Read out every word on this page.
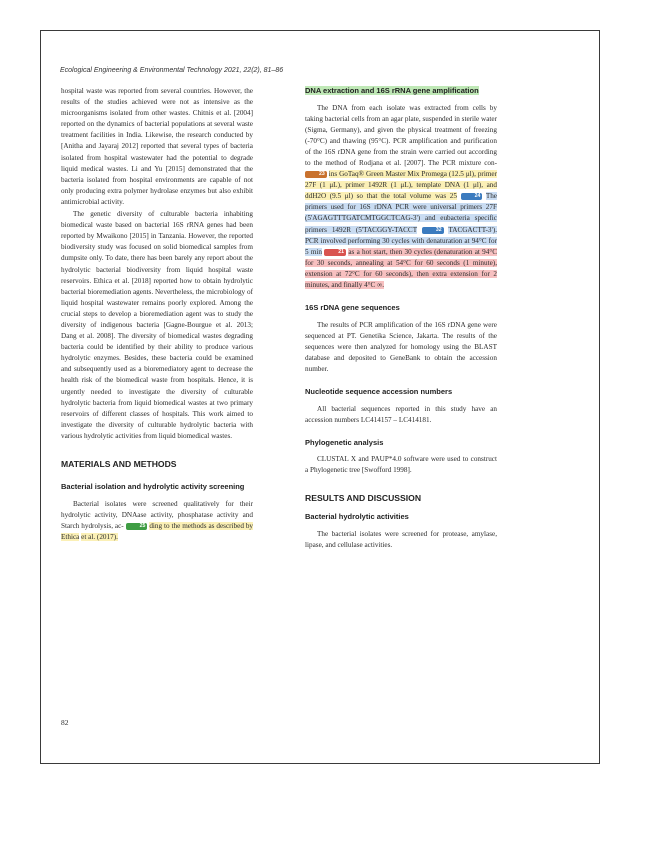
Ecological Engineering & Environmental Technology 2021, 22(2), 81–86

hospital waste was reported from several countries. However, the results of the studies achieved were not as intensive as the microorganisms isolated from other wastes. Chitnis et al. [2004] reported on the dynamics of bacterial populations at several waste treatment facilities in India. Likewise, the research conducted by [Anitha and Jayaraj 2012] reported that several types of bacteria isolated from hospital wastewater had the potential to degrade liquid medical wastes. Li and Yu [2015] demonstrated that the bacteria isolated from hospital environments are capable of not only producing extra polymer hydrolase enzymes but also exhibit antimicrobial activity.

The genetic diversity of culturable bacteria inhabiting biomedical waste based on bacterial 16S rRNA genes had been reported by Mwaikono [2015] in Tanzania. However, the reported biodiversity study was focused on solid biomedical samples from dumpsite only. To date, there has been barely any report about the hydrolytic bacterial biodiversity from liquid hospital waste reservoirs. Ethica et al. [2018] reported how to obtain hydrolytic bacterial bioremediation agents. Nevertheless, the microbiology of liquid hospital wastewater remains poorly explored. Among the crucial steps to develop a bioremediation agent was to study the diversity of indigenous bacteria [Gagne-Bourgue et al. 2013; Dang et al. 2008]. The diversity of biomedical wastes degrading bacteria could be identified by their ability to produce various hydrolytic enzymes. Besides, these bacteria could be examined and subsequently used as a bioremediatory agent to decrease the health risk of the biomedical waste from hospitals. Hence, it is urgently needed to investigate the diversity of culturable hydrolytic bacteria from liquid biomedical wastes at two primary reservoirs of different classes of hospitals. This work aimed to investigate the diversity of culturable hydrolytic bacteria with various hydrolytic activities from liquid biomedical wastes.

MATERIALS AND METHODS
Bacterial isolation and hydrolytic activity screening

Bacterial isolates were screened qualitatively for their hydrolytic activity, DNAase activity, phosphatase activity and Starch hydrolysis, ac-	25 ding to the methods as described by Ethica et al. (2017).

DNA extraction and 16S rRNA gene amplification

The DNA from each isolate was extracted from cells by taking bacterial cells from an agar plate, suspended in sterile water (Sigma, Germany), and given the physical treatment of freezing (-70°C) and thawing (95°C). PCR amplification and purification of the 16S rDNA gene from the strain were carried out according to the method of Rodjana et al. [2007]. The PCR mixture con- 23 ins GoTaq® Green Master Mix Promega (12.5 μl), primer 27F (1 μL), primer 1492R (1 μL), template DNA (1 μl), and ddH2O (9.5 μl) so that the total volume was 25	24 The primers used for 16S rDNA PCR were universal primers 27F (5'AGAGTTTGATCMTGGCTCAG-3') and eubacteria specific primers 1492R (5'TACGGY-TACCT	32 TACGACTT-3'). PCR involved performing 30 cycles with denaturation at 94°C for 5 min	21 as a hot start, then 30 cycles (denaturation at 94°C for 30 seconds, annealing at 54°C for 60 seconds (1 minute), extension at 72°C for 60 seconds), then extra extension for 2 minutes, and finally 4°C ∞.

16S rDNA gene sequences

The results of PCR amplification of the 16S rDNA gene were sequenced at PT. Genetika Science, Jakarta. The results of the sequences were then analyzed for homology using the BLAST database and deposited to GeneBank to obtain the accession number.

Nucleotide sequence accession numbers

All bacterial sequences reported in this study have an accession numbers LC414157 – LC414181.

Phylogenetic analysis

CLUSTAL X and PAUP*4.0 software were used to construct a Phylogenetic tree [Swofford 1998].

RESULTS AND DISCUSSION
Bacterial hydrolytic activities

The bacterial isolates were screened for protease, amylase, lipase, and cellulase activities.

82
